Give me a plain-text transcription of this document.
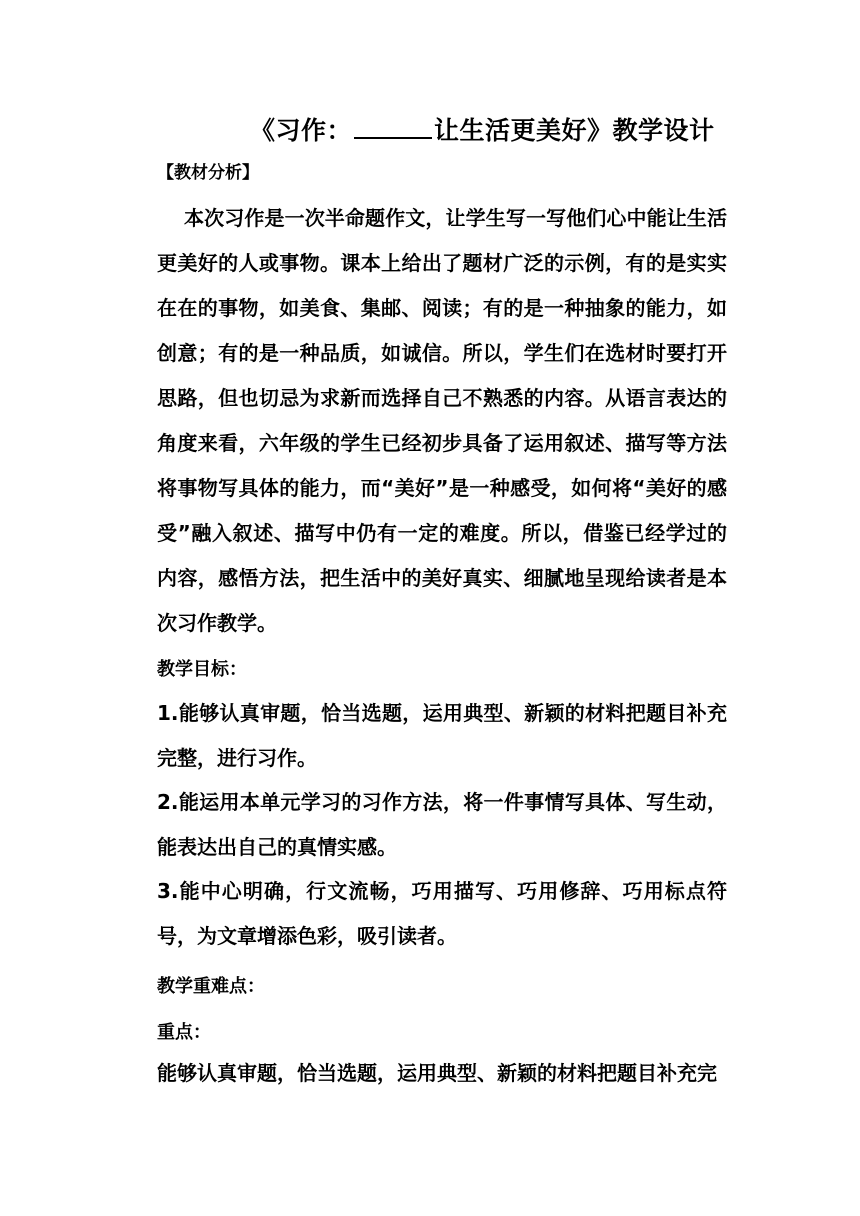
《习作：	让生活更美好》教学设计
【教材分析】
本次习作是一次半命题作文，让学生写一写他们心中能让生活更美好的人或事物。课本上给出了题材广泛的示例，有的是实实在在的事物，如美食、集邮、阅读；有的是一种抽象的能力，如创意；有的是一种品质，如诚信。所以，学生们在选材时要打开思路，但也切忌为求新而选择自己不熟悉的内容。从语言表达的角度来看，六年级的学生已经初步具备了运用叙述、描写等方法将事物写具体的能力，而“美好”是一种感受，如何将“美好的感受”融入叙述、描写中仍有一定的难度。所以，借鉴已经学过的内容，感悟方法，把生活中的美好真实、细腻地呈现给读者是本次习作教学。
教学目标：
1.能够认真审题，恰当选题，运用典型、新颖的材料把题目补充完整，进行习作。
2.能运用本单元学习的习作方法，将一件事情写具体、写生动，能表达出自己的真情实感。
3.能中心明确，行文流畅，巧用描写、巧用修辞、巧用标点符号，为文章增添色彩，吸引读者。
教学重难点：
重点：
能够认真审题，恰当选题，运用典型、新颖的材料把题目补充完
